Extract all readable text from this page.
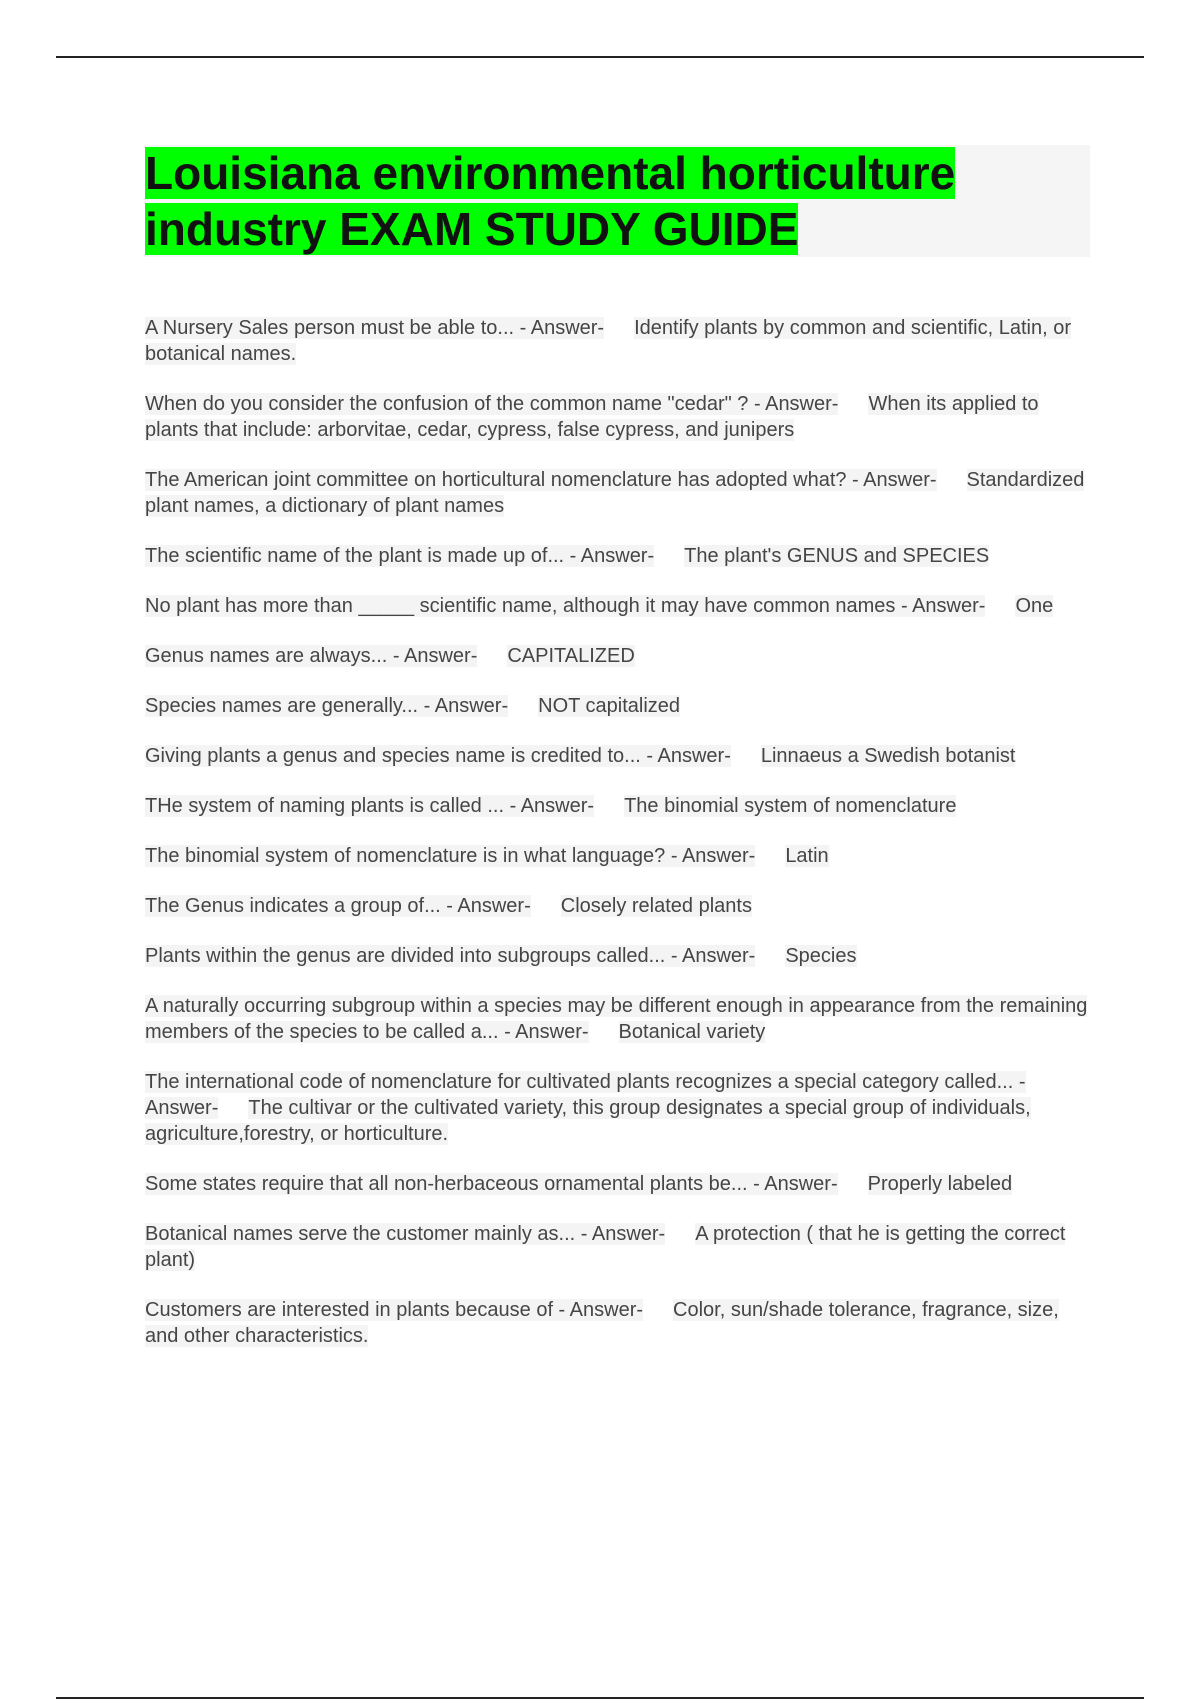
Louisiana environmental horticulture
industry EXAM STUDY GUIDE

A Nursery Sales person must be able to... - Answer- Identify plants by common and scientific, Latin, or botanical names.

When do you consider the confusion of the common name "cedar" ? - Answer- When its applied to plants that include: arborvitae, cedar, cypress, false cypress, and junipers

The American joint committee on horticultural nomenclature has adopted what? - Answer- Standardized plant names, a dictionary of plant names

The scientific name of the plant is made up of... - Answer- The plant's GENUS and SPECIES

No plant has more than _____ scientific name, although it may have common names - Answer- One

Genus names are always... - Answer- CAPITALIZED

Species names are generally... - Answer- NOT capitalized

Giving plants a genus and species name is credited to... - Answer- Linnaeus a Swedish botanist

THe system of naming plants is called ... - Answer- The binomial system of nomenclature

The binomial system of nomenclature is in what language? - Answer- Latin

The Genus indicates a group of... - Answer- Closely related plants

Plants within the genus are divided into subgroups called... - Answer- Species

A naturally occurring subgroup within a species may be different enough in appearance from the remaining members of the species to be called a... - Answer- Botanical variety

The international code of nomenclature for cultivated plants recognizes a special category called... - Answer- The cultivar or the cultivated variety, this group designates a special group of individuals, agriculture,forestry, or horticulture.

Some states require that all non-herbaceous ornamental plants be... - Answer- Properly labeled

Botanical names serve the customer mainly as... - Answer- A protection ( that he is getting the correct plant)

Customers are interested in plants because of - Answer- Color, sun/shade tolerance, fragrance, size, and other characteristics.
